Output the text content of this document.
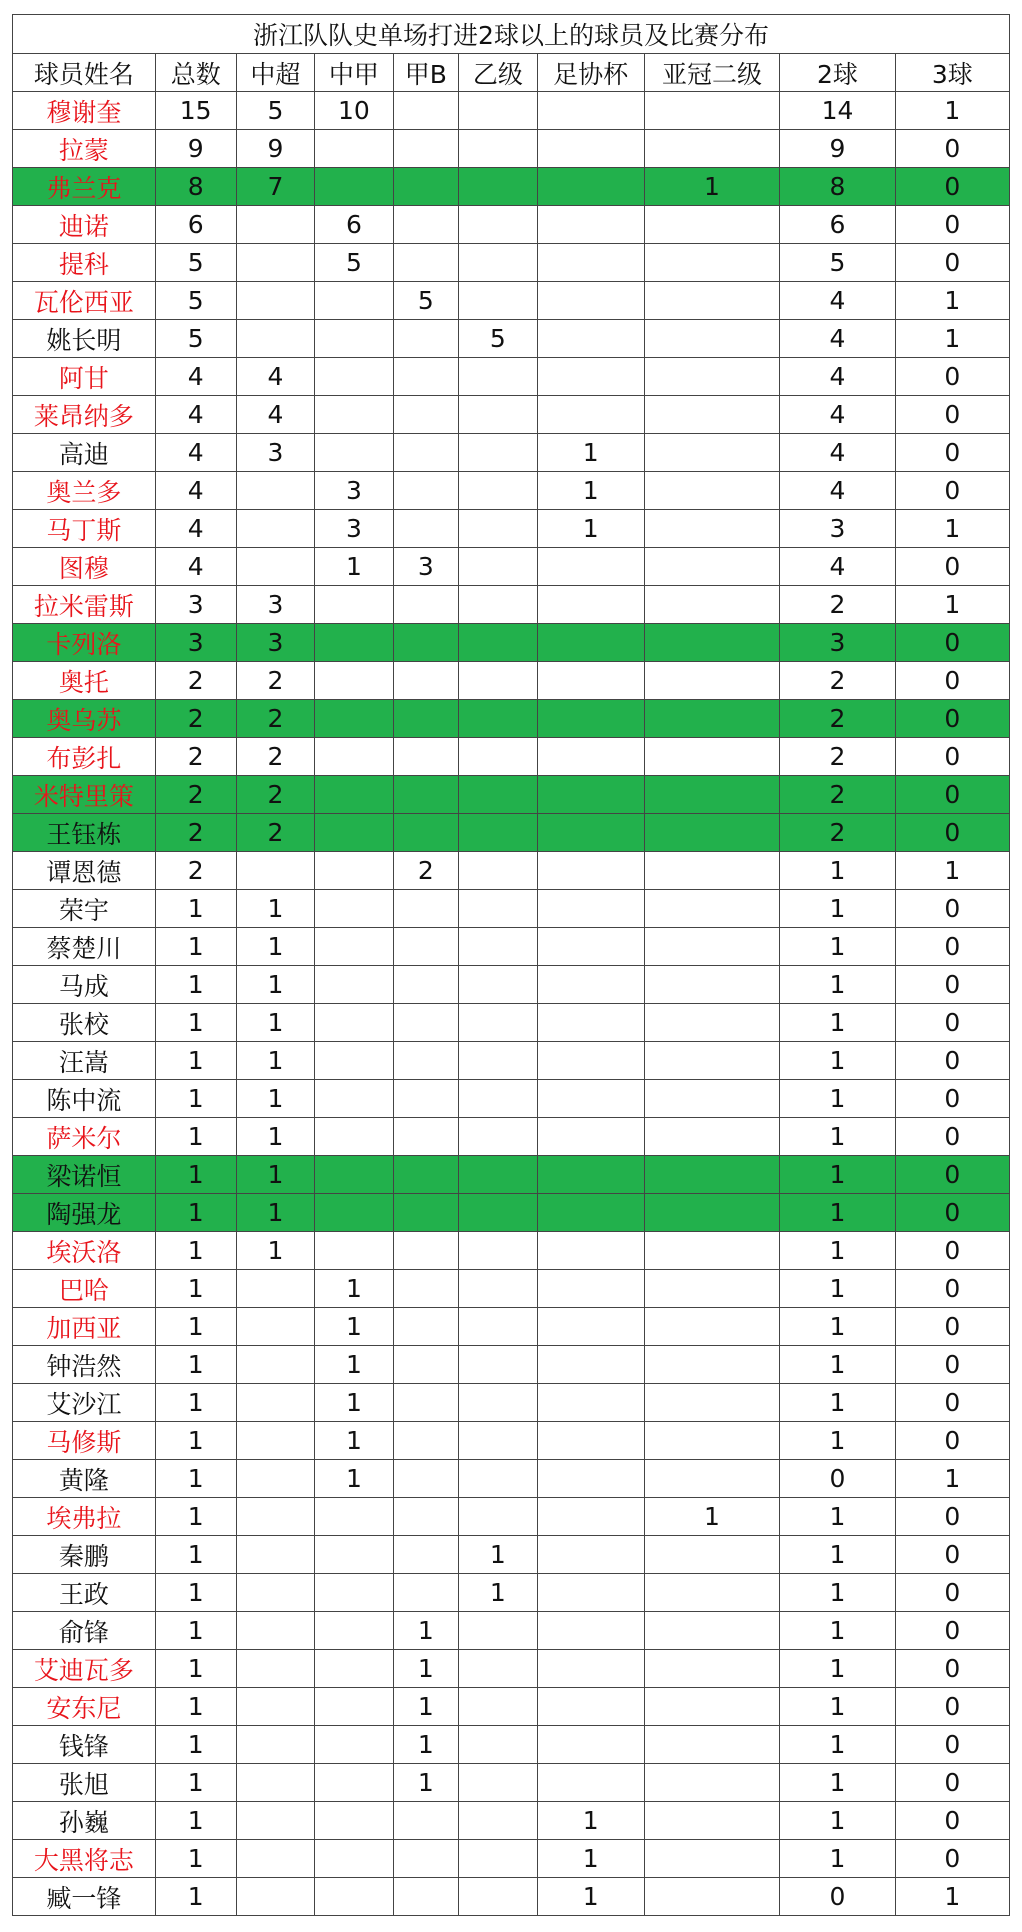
浙江队队史单场打进2球以上的球员及比赛分布									
球员姓名	总数	中超	中甲	甲B	乙级	足协杯	亚冠二级	2球	3球
穆谢奎	15	5	10					14	1
拉蒙	9	9						9	0
弗兰克	8	7					1	8	0
迪诺	6		6					6	0
提科	5		5					5	0
瓦伦西亚	5			5				4	1
姚长明	5				5			4	1
阿甘	4	4						4	0
莱昂纳多	4	4						4	0
高迪	4	3				1		4	0
奥兰多	4		3			1		4	0
马丁斯	4		3			1		3	1
图穆	4		1	3				4	0
拉米雷斯	3	3						2	1
卡列洛	3	3						3	0
奥托	2	2						2	0
奥乌苏	2	2						2	0
布彭扎	2	2						2	0
米特里策	2	2						2	0
王钰栋	2	2						2	0
谭恩德	2			2				1	1
荣宇	1	1						1	0
蔡楚川	1	1						1	0
马成	1	1						1	0
张校	1	1						1	0
汪嵩	1	1						1	0
陈中流	1	1						1	0
萨米尔	1	1						1	0
梁诺恒	1	1						1	0
陶强龙	1	1						1	0
埃沃洛	1	1						1	0
巴哈	1		1					1	0
加西亚	1		1					1	0
钟浩然	1		1					1	0
艾沙江	1		1					1	0
马修斯	1		1					1	0
黄隆	1		1					0	1
埃弗拉	1						1	1	0
秦鹏	1				1			1	0
王政	1				1			1	0
俞锋	1			1				1	0
艾迪瓦多	1			1				1	0
安东尼	1			1				1	0
钱锋	1			1				1	0
张旭	1			1				1	0
孙巍	1					1		1	0
大黑将志	1					1		1	0
臧一锋	1					1		0	1
